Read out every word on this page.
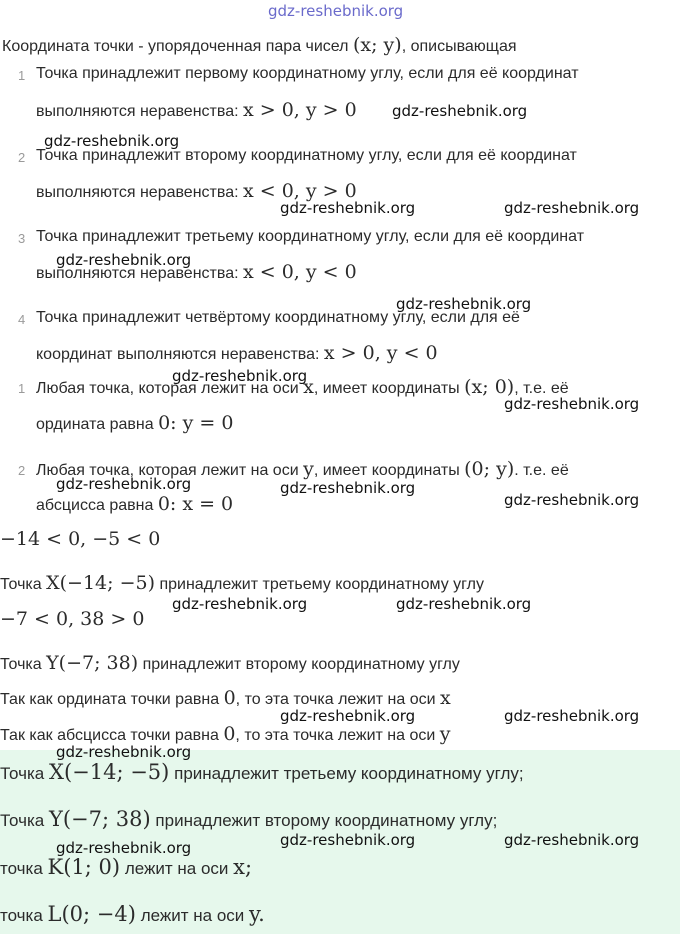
gdz-reshebnik.org
Координата точки - упорядоченная пара чисел (x; y), описывающая
1 Точка принадлежит первому координатному углу, если для её координат
выполняются неравенства: x > 0, y > 0
2 Точка принадлежит второму координатному углу, если для её координат
выполняются неравенства: x < 0, y > 0
3 Точка принадлежит третьему координатному углу, если для её координат
выполняются неравенства: x < 0, y < 0
4 Точка принадлежит четвёртому координатному углу, если для её
координат выполняются неравенства: x > 0, y < 0
1 Любая точка, которая лежит на оси x, имеет координаты (x; 0), т.е. её
ордината равна 0: y = 0
2 Любая точка, которая лежит на оси y, имеет координаты (0; y). т.е. её
абсцисса равна 0: x = 0
−14 < 0, −5 < 0
Точка X(−14; −5) принадлежит третьему координатному углу
−7 < 0, 38 > 0
Точка Y(−7; 38) принадлежит второму координатному углу
Так как ордината точки равна 0, то эта точка лежит на оси x
Так как абсцисса точки равна 0, то эта точка лежит на оси y
Точка X(−14; −5) принадлежит третьему координатному углу;
Точка Y(−7; 38) принадлежит второму координатному углу;
точка K(1; 0) лежит на оси x;
точка L(0; −4) лежит на оси y.
gdz-reshebnik.org
gdz-reshebnik.org
gdz-reshebnik.org	gdz-reshebnik.org
gdz-reshebnik.org
gdz-reshebnik.org
gdz-reshebnik.org
gdz-reshebnik.org
gdz-reshebnik.org	gdz-reshebnik.org
gdz-reshebnik.org
gdz-reshebnik.org	gdz-reshebnik.org
gdz-reshebnik.org	gdz-reshebnik.org
gdz-reshebnik.org
gdz-reshebnik.org	gdz-reshebnik.org
gdz-reshebnik.org
